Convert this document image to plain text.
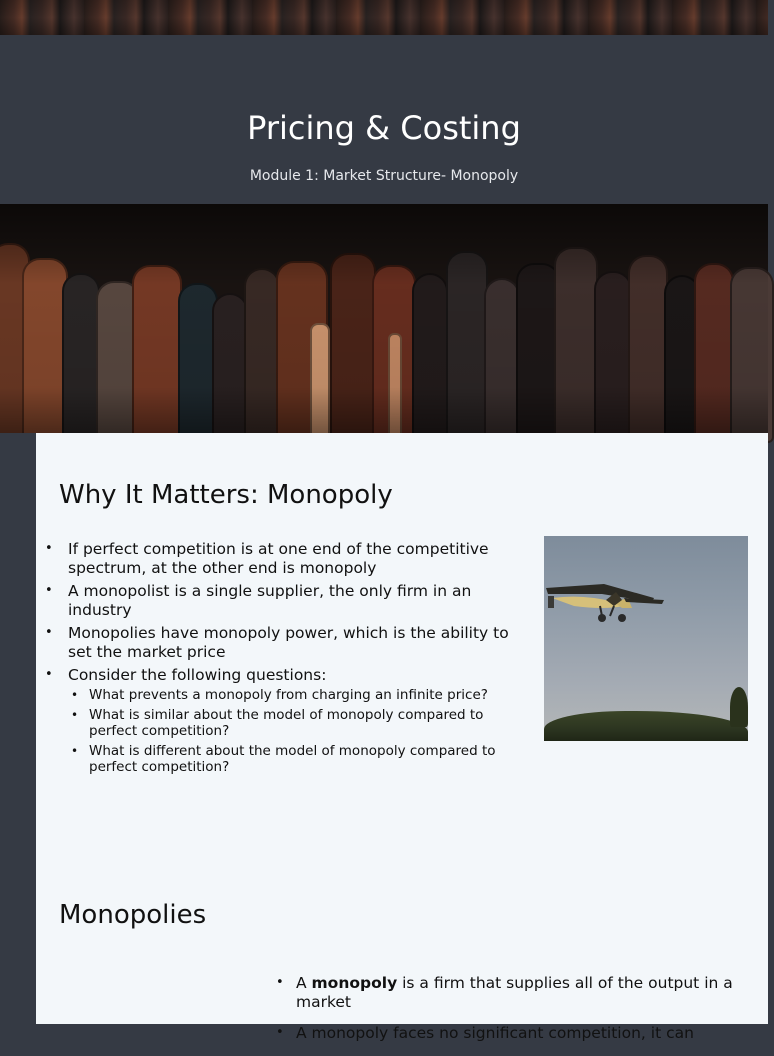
Pricing & Costing
Module 1: Market Structure- Monopoly
Why It Matters: Monopoly
• If perfect competition is at one end of the competitive spectrum, at the other end is monopoly
• A monopolist is a single supplier, the only firm in an industry
• Monopolies have monopoly power, which is the ability to set the market price
• Consider the following questions:
• What prevents a monopoly from charging an infinite price?
• What is similar about the model of monopoly compared to perfect competition?
• What is different about the model of monopoly compared to perfect competition?
Monopolies
• A monopoly is a firm that supplies all of the output in a market
• A monopoly faces no significant competition, it can
